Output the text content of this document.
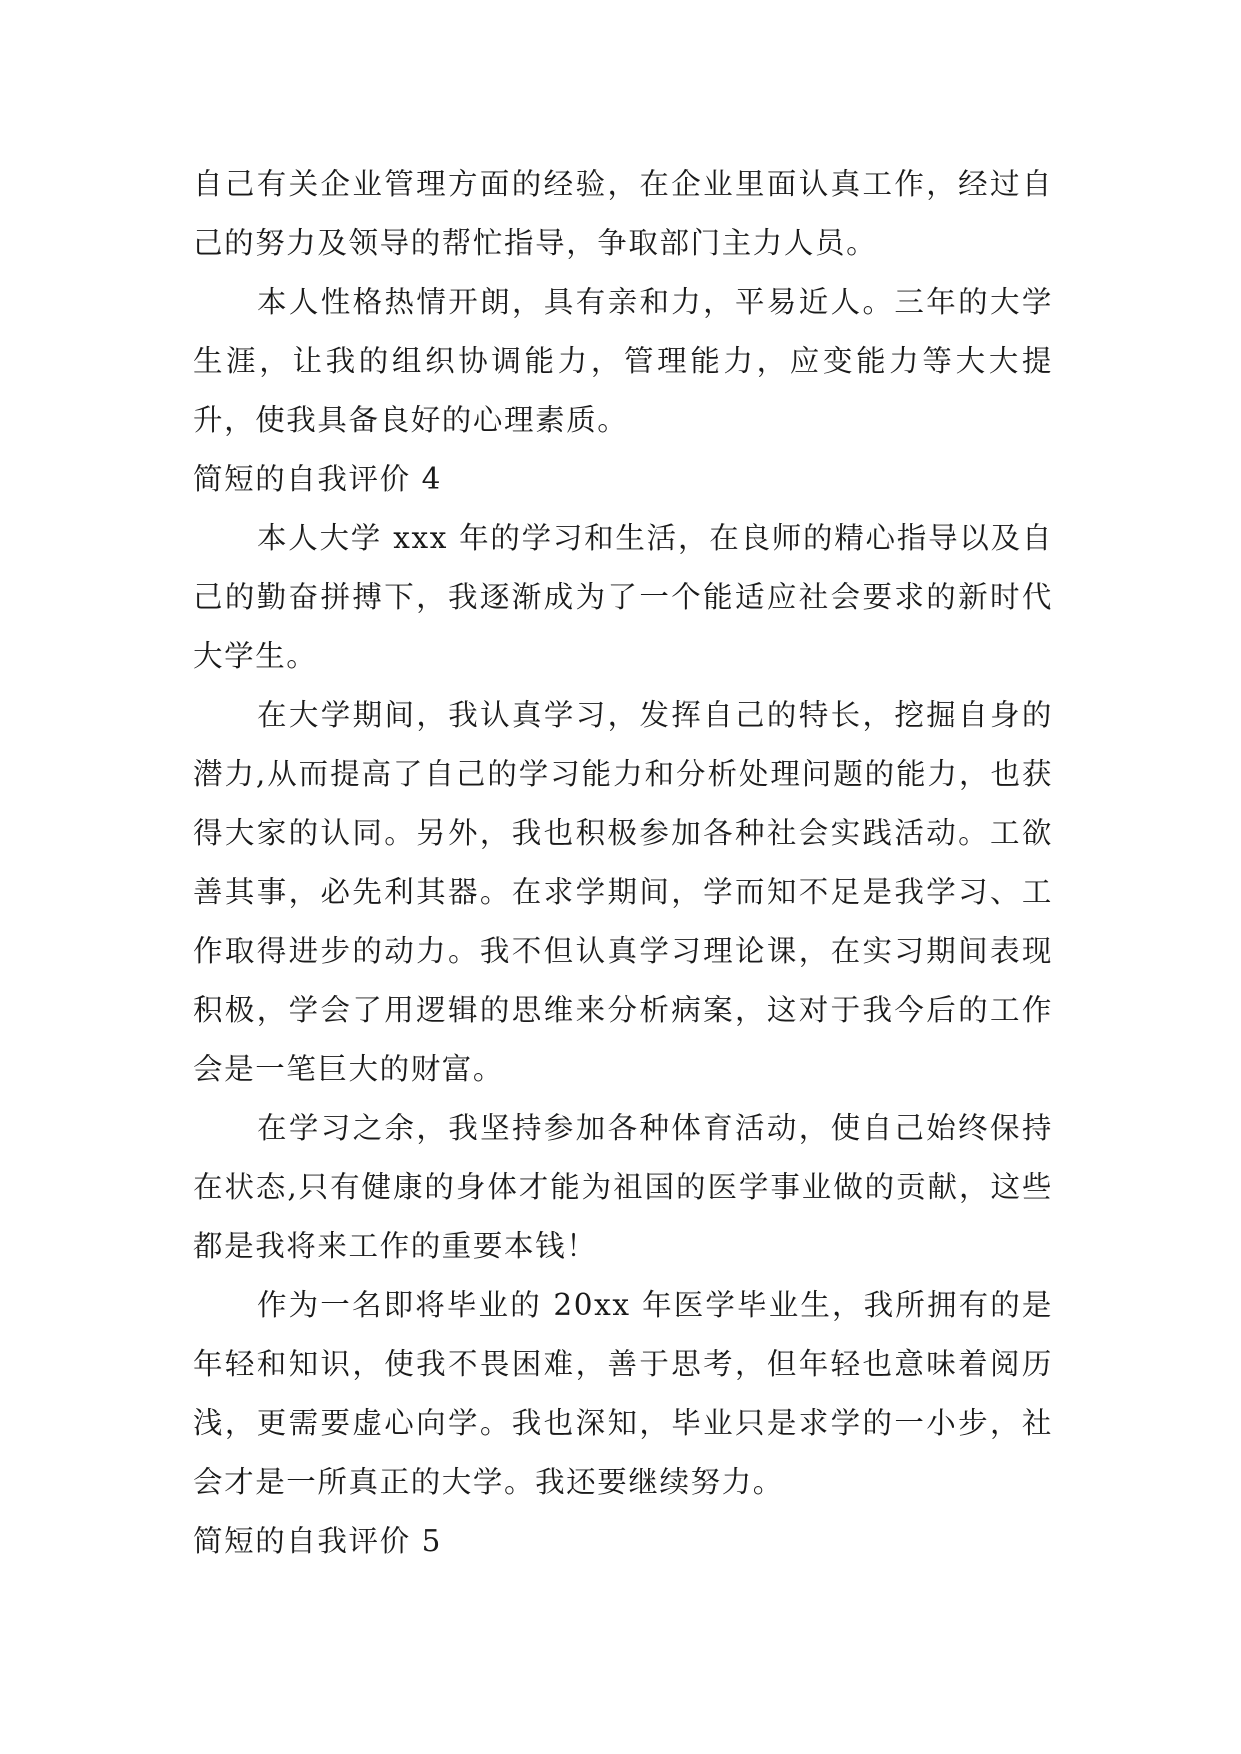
自己有关企业管理方面的经验，在企业里面认真工作，经过自己的努力及领导的帮忙指导，争取部门主力人员。

本人性格热情开朗，具有亲和力，平易近人。三年的大学生涯，让我的组织协调能力，管理能力，应变能力等大大提升，使我具备良好的心理素质。

简短的自我评价 4

本人大学 xxx 年的学习和生活，在良师的精心指导以及自己的勤奋拼搏下，我逐渐成为了一个能适应社会要求的新时代大学生。

在大学期间，我认真学习，发挥自己的特长，挖掘自身的潜力,从而提高了自己的学习能力和分析处理问题的能力，也获得大家的认同。另外，我也积极参加各种社会实践活动。工欲善其事，必先利其器。在求学期间，学而知不足是我学习、工作取得进步的动力。我不但认真学习理论课，在实习期间表现积极，学会了用逻辑的思维来分析病案，这对于我今后的工作会是一笔巨大的财富。

在学习之余，我坚持参加各种体育活动，使自己始终保持在状态,只有健康的身体才能为祖国的医学事业做的贡献，这些都是我将来工作的重要本钱！

作为一名即将毕业的 20xx 年医学毕业生，我所拥有的是年轻和知识，使我不畏困难，善于思考，但年轻也意味着阅历浅，更需要虚心向学。我也深知，毕业只是求学的一小步，社会才是一所真正的大学。我还要继续努力。

简短的自我评价 5
